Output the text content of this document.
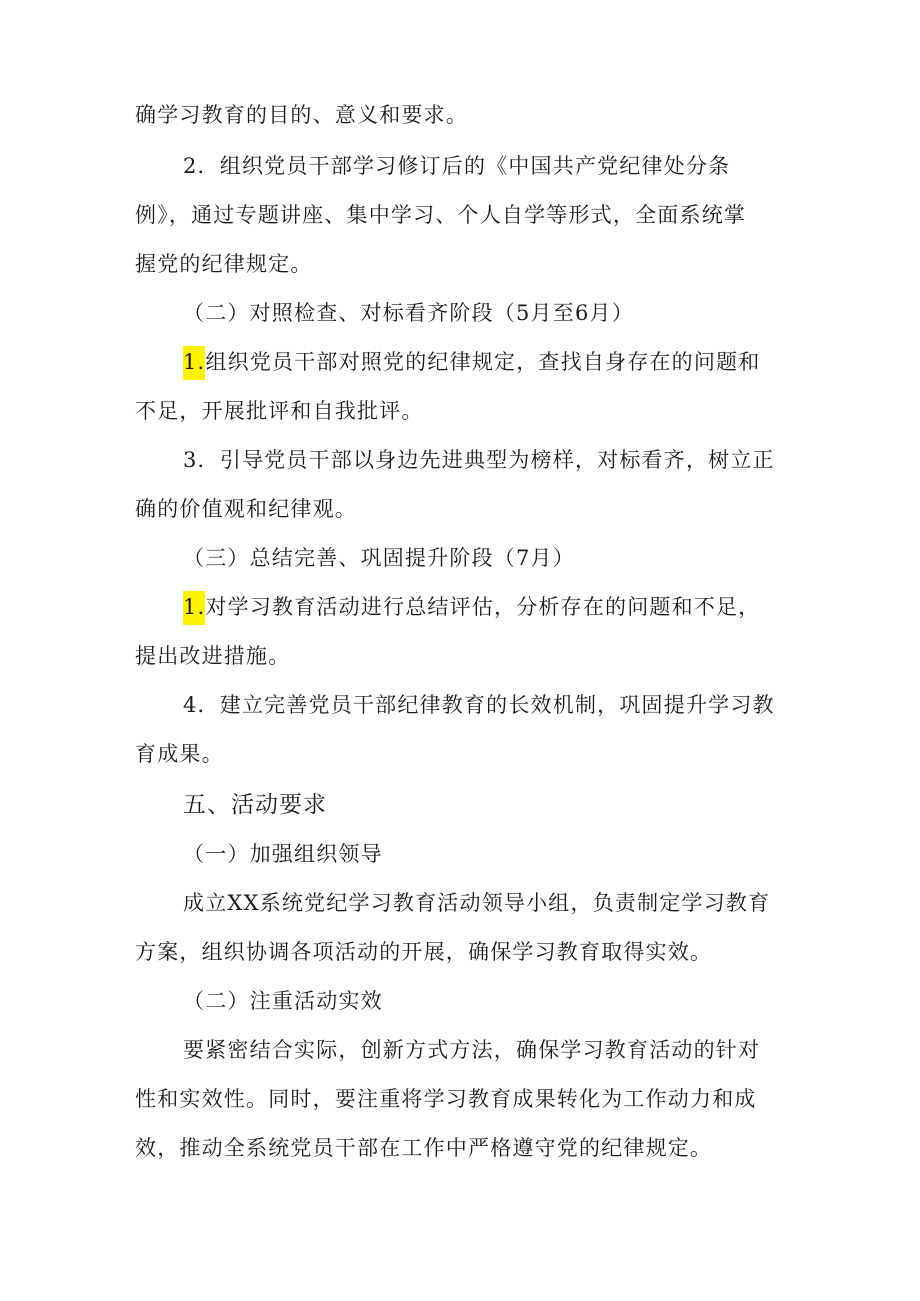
确学习教育的目的、意义和要求。
2．组织党员干部学习修订后的《中国共产党纪律处分条
例》，通过专题讲座、集中学习、个人自学等形式，全面系统掌
握党的纪律规定。
（二）对照检查、对标看齐阶段（5月至6月）
1.组织党员干部对照党的纪律规定，查找自身存在的问题和
不足，开展批评和自我批评。
3．引导党员干部以身边先进典型为榜样，对标看齐，树立正
确的价值观和纪律观。
（三）总结完善、巩固提升阶段（7月）
1.对学习教育活动进行总结评估，分析存在的问题和不足，
提出改进措施。
4．建立完善党员干部纪律教育的长效机制，巩固提升学习教
育成果。
五、活动要求
（一）加强组织领导
成立XX系统党纪学习教育活动领导小组，负责制定学习教育
方案，组织协调各项活动的开展，确保学习教育取得实效。
（二）注重活动实效
要紧密结合实际，创新方式方法，确保学习教育活动的针对
性和实效性。同时，要注重将学习教育成果转化为工作动力和成
效，推动全系统党员干部在工作中严格遵守党的纪律规定。
